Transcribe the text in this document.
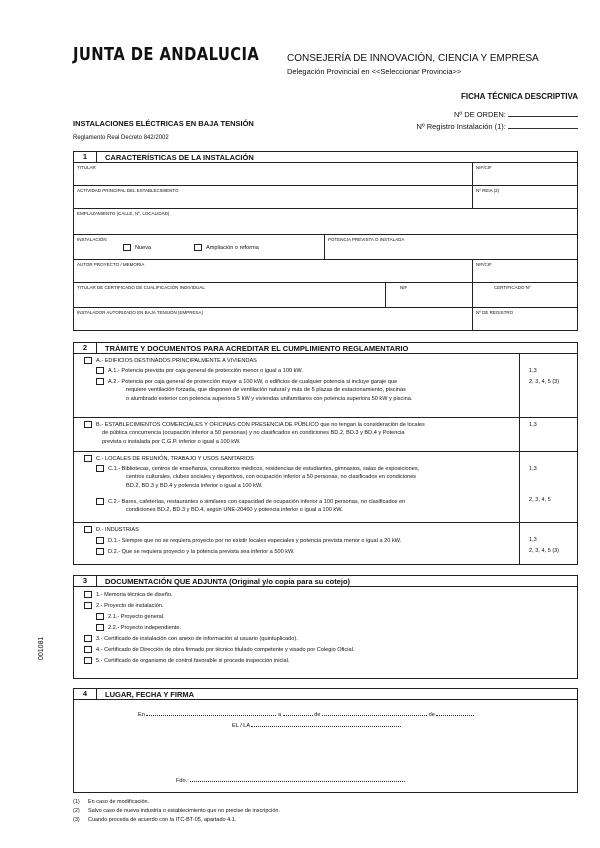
JUNTA DE ANDALUCIA	CONSEJERÍA DE INNOVACIÓN, CIENCIA Y EMPRESA
Delegación Provincial en <<Seleccionar Provincia>>
FICHA TÉCNICA DESCRIPTIVA
Nº DE ORDEN:
Nº Registro Instalación (1):
INSTALACIONES ELÉCTRICAS EN BAJA TENSIÓN
Reglamento Real Decreto 842/2002
1	CARACTERÍSTICAS DE LA INSTALACIÓN
TITULAR	NIF/CIF
ACTIVIDAD PRINCIPAL DEL ESTABLECIMIENTO	Nº REIA (2)
EMPLAZAMIENTO (CALLE, Nº, LOCALIDAD)
INSTALACIÓN
Nueva	Ampliación o reforma
POTENCIA PREVISTA O INSTALADA
AUTOR PROYECTO / MEMORIA	NIF/CIF
TITULAR DE CERTIFICADO DE CUALIFICACIÓN INDIVIDUAL	NIF	CERTIFICADO Nº
INSTALADOR AUTORIZADO EN BAJA TENSIÓN (EMPRESA)	Nº DE REGISTRO
2	TRÁMITE Y DOCUMENTOS PARA ACREDITAR EL CUMPLIMIENTO REGLAMENTARIO
A.- EDIFICIOS DESTINADOS PRINCIPALMENTE A VIVIENDAS
A.1.- Potencia prevista por caja general de protección menor o igual a 100 kW.	1,3
A.2.- Potencia por caja general de protección mayor a 100 kW, o edificios de cualquier potencia si incluye garaje que
requiere ventilación forzada, que disponen de ventilación natural y más de 5 plazas de estacionamiento, piscinas
o alumbrado exterior con potencia superiora 5 kW y viviendas unifamiliares con potencia superiora 50 kW y piscina.
2, 3, 4, 5 (3)
B.- ESTABLECIMIENTOS COMERCIALES Y OFICINAS CON PRESENCIA DE PÚBLICO que no tengan la consideración de locales
de pública concurrencia (ocupación inferior a 50 personas) y no clasificados en condiciones BD.2, BD.3 y BD.4 y Potencia
prevista o instalada por C.G.P. inferior o igual a 100 kW.
1,3
C.- LOCALES DE REUNIÓN, TRABAJO Y USOS SANITARIOS
C.1.- Bibliotecas, centros de enseñanza, consultorios médicos, residencias de estudiantes, gimnasios, salas de exposiciones,
centros culturales, clubes sociales y deportivos, con ocupación inferior a 50 personas, no clasificados en condiciones
BD.2, BD.3 y BD.4 y potencia inferior o igual a 100 kW.
1,3
C.2.- Bares, cafeterías, restaurantes o similares con capacidad de ocupación inferior a 100 personas, no clasificados en
condiciones BD.2, BD.3 y BD.4, según UNE-20460 y potencia inferior o igual a 100 kW.
2, 3, 4, 5
D.- INDUSTRIAS
D.1.- Siempre que no se requiera proyecto por no existir locales especiales y potencia prevista menor o igual a 20 kW.	1,3
D.2.- Que se requiera proyecto y la potencia prevista sea inferior a 500 kW.	2, 3, 4, 5 (3)
3	DOCUMENTACIÓN QUE ADJUNTA (Original y/o copia para su cotejo)
1.- Memoria técnica de diseño.
2.- Proyecto de instalación.
2.1.- Proyecto general.
2.2.- Proyecto independiente.
3.- Certificado de instalación con anexo de información al usuario (quintuplicado).
4.- Certificado de Dirección de obra firmado por técnico titulado competente y visado por Colegio Oficial.
5.- Certificado de organismo de control favorable si procede inspección inicial.
4	LUGAR, FECHA Y FIRMA
En	a	de	de
EL / LA
Fdo.:
(1) En caso de modificación.
(2) Salvo caso de nueva industria o establecimiento que no precise de inscripción.
(3) Cuando proceda de acuerdo con la ITC-BT-05, apartado 4.1.
001081
